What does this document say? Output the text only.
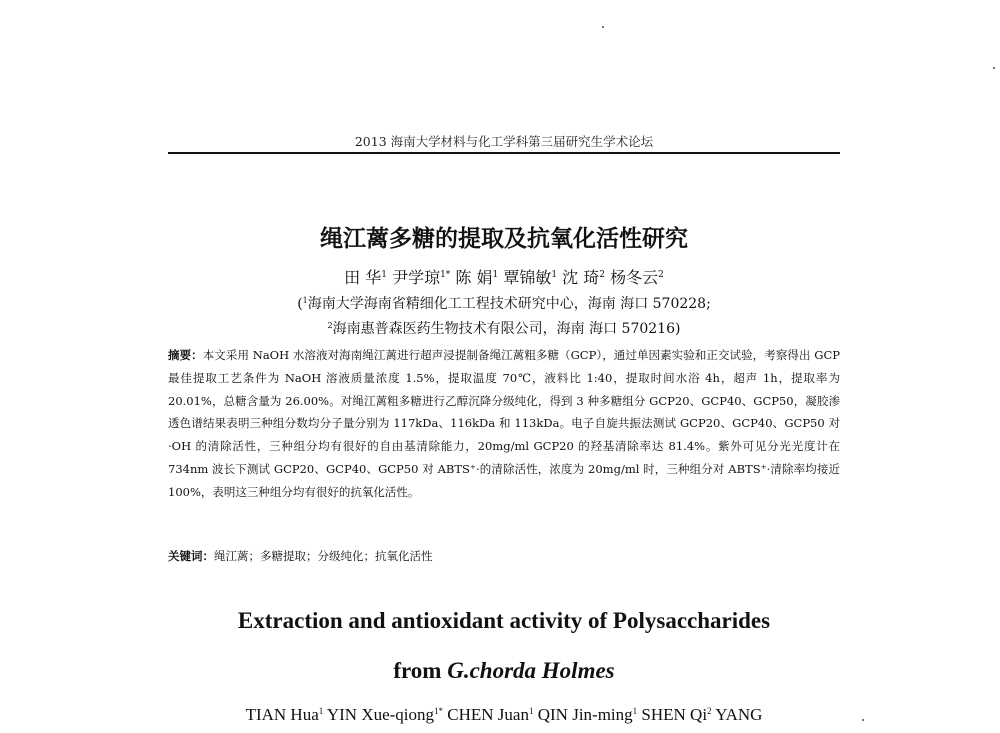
2013 海南大学材料与化工学科第三届研究生学术论坛
绳江蓠多糖的提取及抗氧化活性研究
田 华$^1$ 尹学琼$^{1*}$ 陈 娟$^1$ 覃锦敏$^1$ 沈 琦$^2$ 杨冬云$^2$
($^1$海南大学海南省精细化工工程技术研究中心，海南 海口 570228;
$^2$海南惠普森医药生物技术有限公司，海南 海口 570216)
摘要：本文采用 NaOH 水溶液对海南绳江蓠进行超声浸提制备绳江蓠粗多糖（GCP），通过单因素实验和正交试验，考察得出 GCP 最佳提取工艺条件为 NaOH 溶液质量浓度 1.5%，提取温度 70℃，液料比 1:40，提取时间水浴 4h，超声 1h，提取率为 20.01%，总糖含量为 26.00%。对绳江蓠粗多糖进行乙醇沉降分级纯化，得到 3 种多糖组分 GCP20、GCP40、GCP50，凝胶渗透色谱结果表明三种组分数均分子量分别为 117kDa、116kDa 和 113kDa。电子自旋共振法测试 GCP20、GCP40、GCP50 对·OH 的清除活性，三种组分均有很好的自由基清除能力，20mg/ml GCP20 的羟基清除率达 81.4%。紫外可见分光光度计在 734nm 波长下测试 GCP20、GCP40、GCP50 对 ABTS⁺·的清除活性，浓度为 20mg/ml 时，三种组分对 ABTS⁺·清除率均接近 100%，表明这三种组分均有很好的抗氧化活性。
关键词：绳江蓠；多糖提取；分级纯化；抗氧化活性
Extraction and antioxidant activity of Polysaccharides
from G.chorda Holmes
TIAN Hua$^1$ YIN Xue-qiong$^{1*}$ CHEN Juan$^1$ QIN Jin-ming$^1$ SHEN Qi$^2$ YANG
